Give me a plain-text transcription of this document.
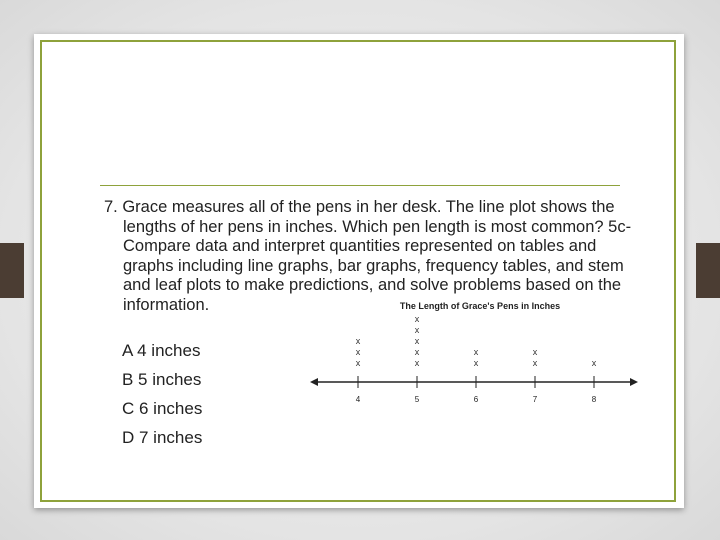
7. Grace measures all of the pens in her desk. The line plot shows the lengths of her pens in inches. Which pen length is most common? 5c- Compare data and interpret quantities represented on tables and graphs including line graphs, bar graphs, frequency tables, and stem and leaf plots to make predictions, and solve problems based on the information.
A 4 inches
B 5 inches
C 6 inches
D 7 inches
The Length of Grace's Pens in Inches
x
x
x
x
x
x
x
x
x
x
x
x
x
4	5	6	7	8
